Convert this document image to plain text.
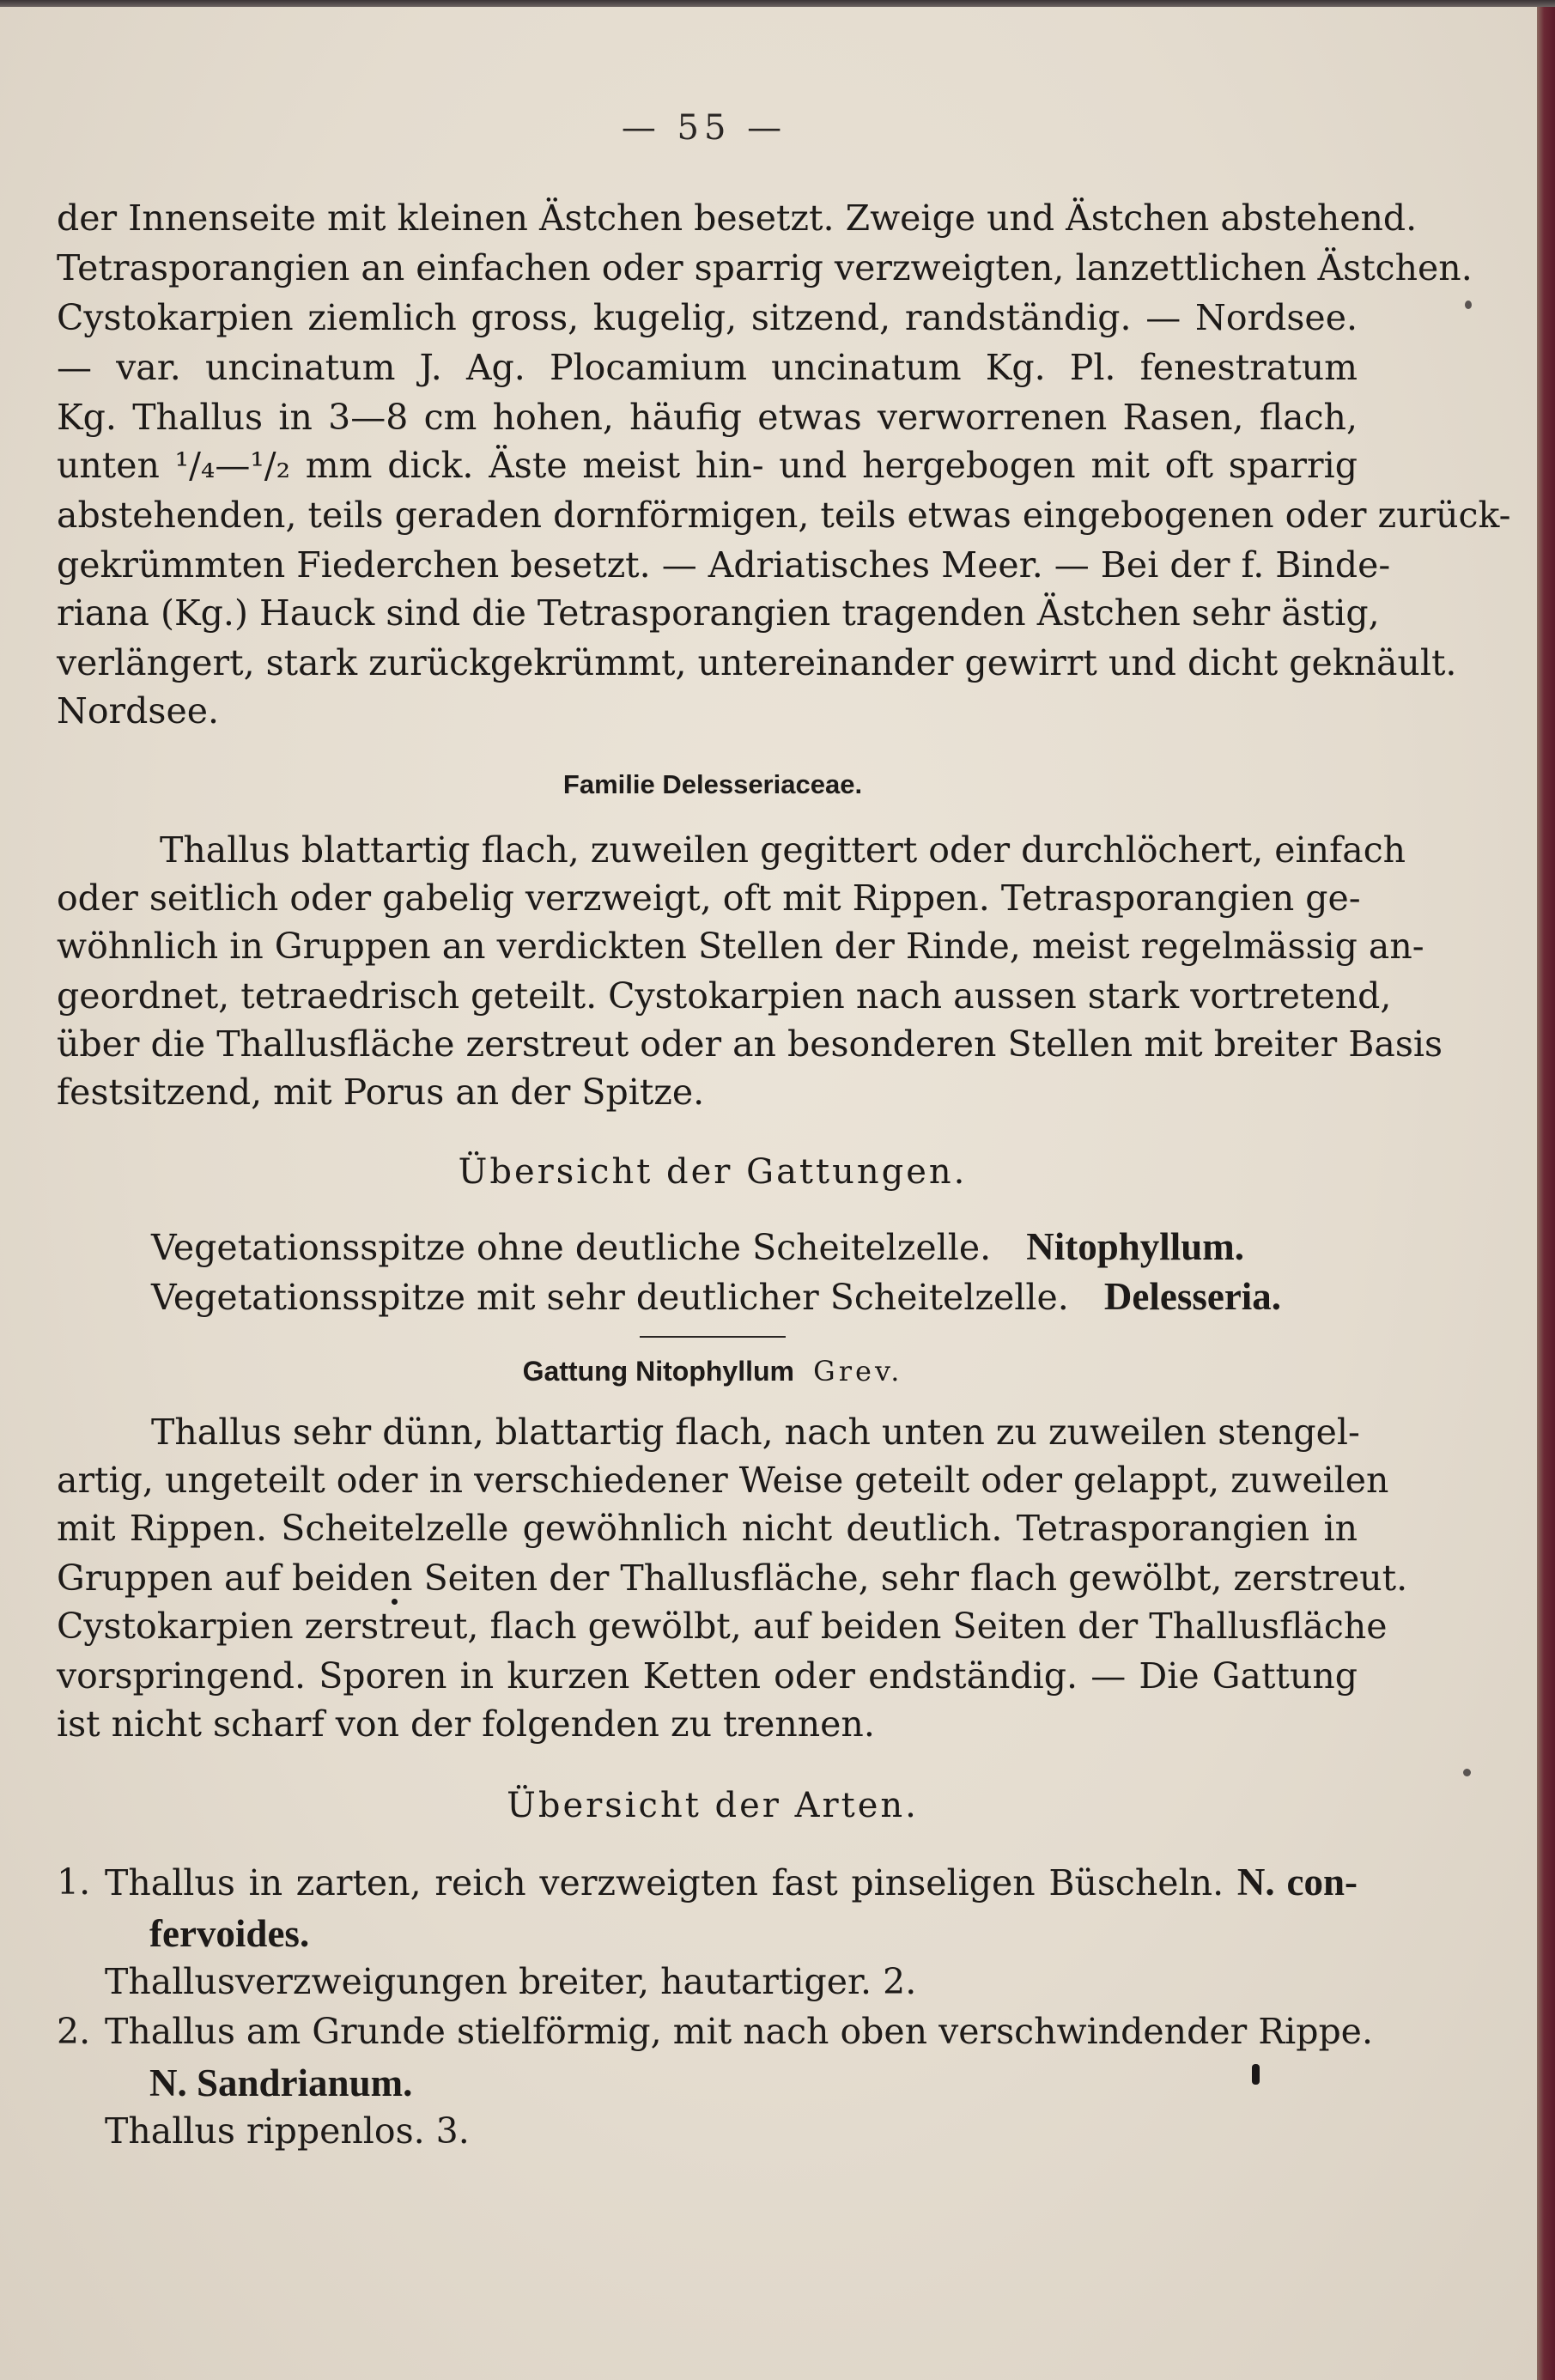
— 55 —
der Innenseite mit kleinen Ästchen besetzt. Zweige und Ästchen abstehend.
Tetrasporangien an einfachen oder sparrig verzweigten, lanzettlichen Ästchen.
Cystokarpien ziemlich gross, kugelig, sitzend, randständig. — Nordsee.
— var. uncinatum J. Ag. Plocamium uncinatum Kg. Pl. fenestratum
Kg. Thallus in 3—8 cm hohen, häufig etwas verworrenen Rasen, flach,
unten ¹/₄—¹/₂ mm dick. Äste meist hin- und hergebogen mit oft sparrig
abstehenden, teils geraden dornförmigen, teils etwas eingebogenen oder zurück-
gekrümmten Fiederchen besetzt. — Adriatisches Meer. — Bei der f. Binde-
riana (Kg.) Hauck sind die Tetrasporangien tragenden Ästchen sehr ästig,
verlängert, stark zurückgekrümmt, untereinander gewirrt und dicht geknäult.
Nordsee.
Familie Delesseriaceae.
Thallus blattartig flach, zuweilen gegittert oder durchlöchert, einfach
oder seitlich oder gabelig verzweigt, oft mit Rippen. Tetrasporangien ge-
wöhnlich in Gruppen an verdickten Stellen der Rinde, meist regelmässig an-
geordnet, tetraedrisch geteilt. Cystokarpien nach aussen stark vortretend,
über die Thallusfläche zerstreut oder an besonderen Stellen mit breiter Basis
festsitzend, mit Porus an der Spitze.
Übersicht der Gattungen.
Vegetationsspitze ohne deutliche Scheitelzelle. Nitophyllum.
Vegetationsspitze mit sehr deutlicher Scheitelzelle. Delesseria.
Gattung Nitophyllum Grev.
Thallus sehr dünn, blattartig flach, nach unten zu zuweilen stengel-
artig, ungeteilt oder in verschiedener Weise geteilt oder gelappt, zuweilen
mit Rippen. Scheitelzelle gewöhnlich nicht deutlich. Tetrasporangien in
Gruppen auf beiden Seiten der Thallusfläche, sehr flach gewölbt, zerstreut.
Cystokarpien zerstreut, flach gewölbt, auf beiden Seiten der Thallusfläche
vorspringend. Sporen in kurzen Ketten oder endständig. — Die Gattung
ist nicht scharf von der folgenden zu trennen.
Übersicht der Arten.
1. Thallus in zarten, reich verzweigten fast pinseligen Büscheln. N. con-
fervoides.
Thallusverzweigungen breiter, hautartiger. 2.
2. Thallus am Grunde stielförmig, mit nach oben verschwindender Rippe.
N. Sandrianum.
Thallus rippenlos. 3.
